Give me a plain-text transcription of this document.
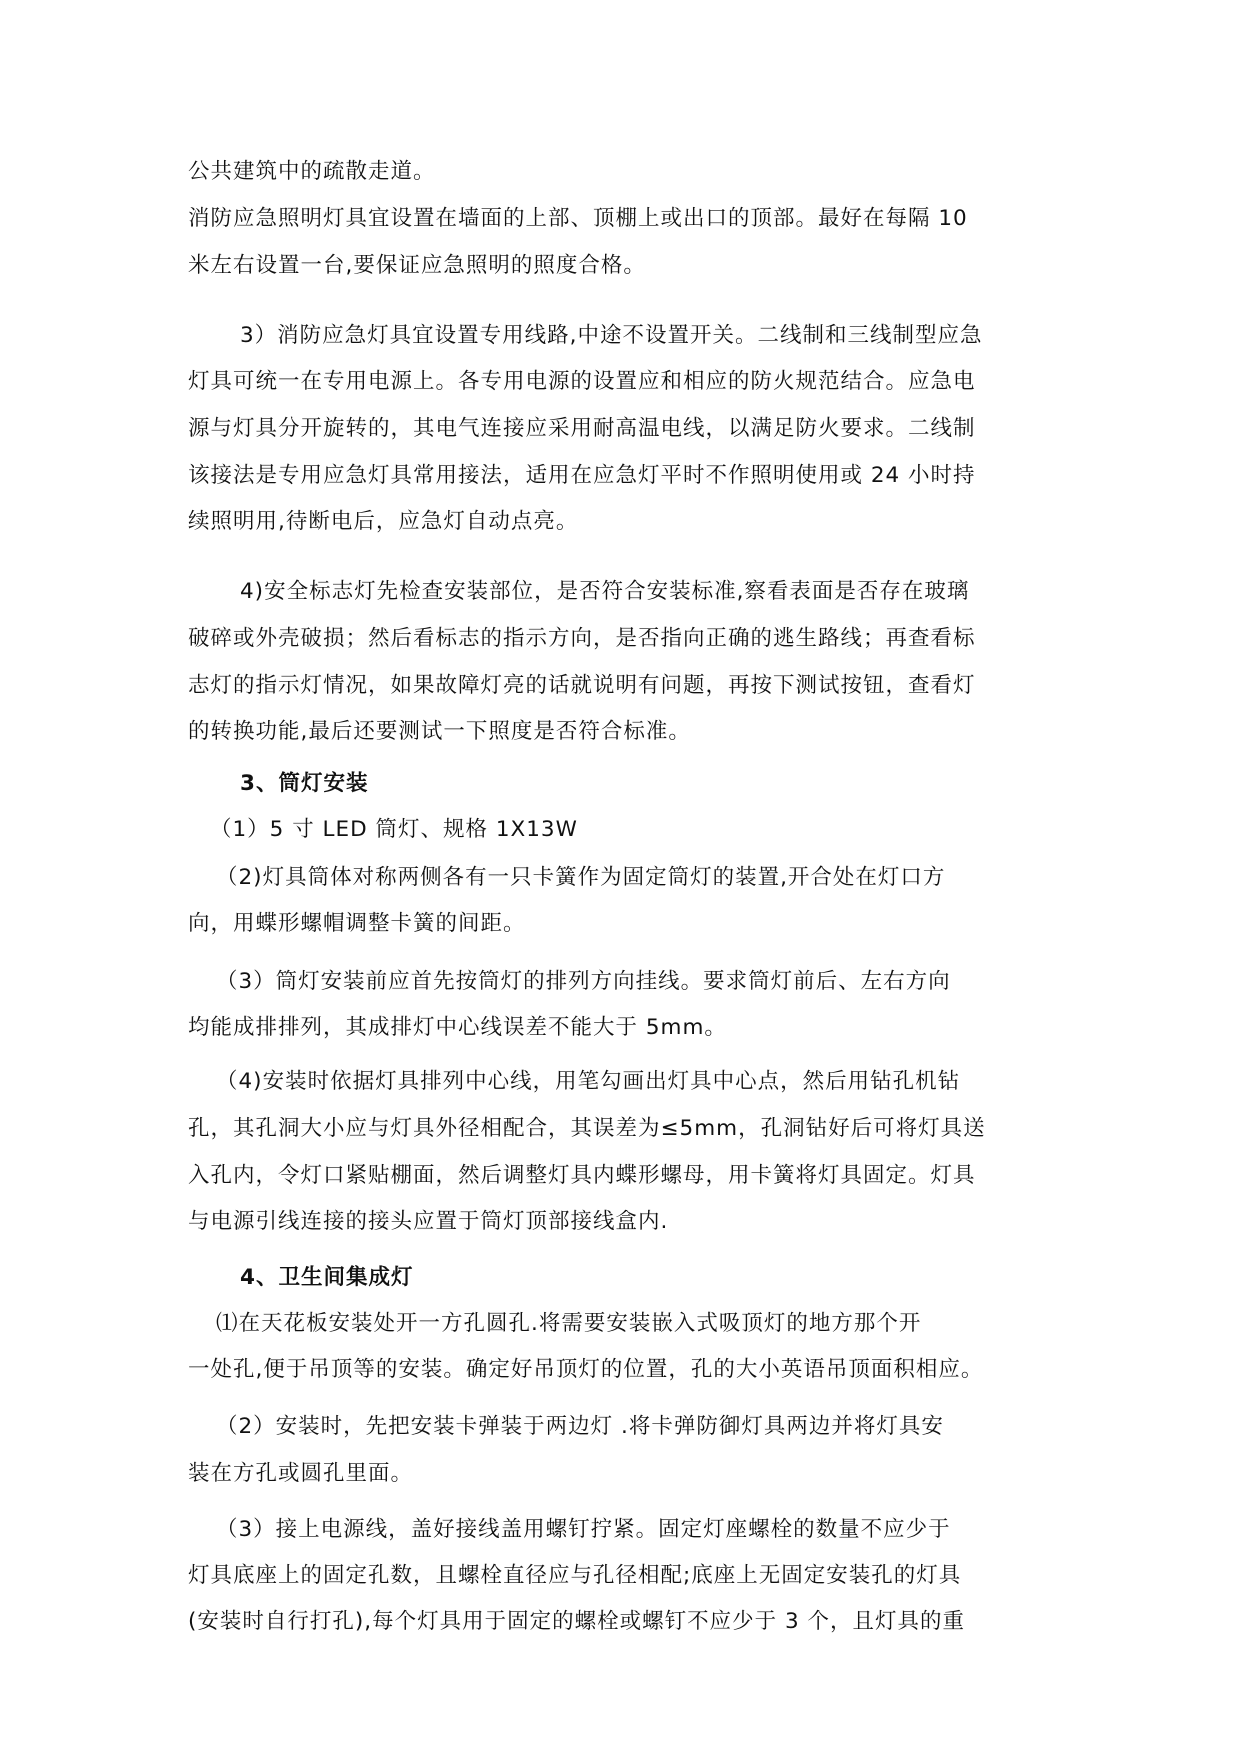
公共建筑中的疏散走道。
消防应急照明灯具宜设置在墙面的上部、顶棚上或出口的顶部。最好在每隔 10
米左右设置一台,要保证应急照明的照度合格。
3）消防应急灯具宜设置专用线路,中途不设置开关。二线制和三线制型应急
灯具可统一在专用电源上。各专用电源的设置应和相应的防火规范结合。应急电
源与灯具分开旋转的，其电气连接应采用耐高温电线，以满足防火要求。二线制
该接法是专用应急灯具常用接法，适用在应急灯平时不作照明使用或 24 小时持
续照明用,待断电后，应急灯自动点亮。
4)安全标志灯先检查安装部位，是否符合安装标准,察看表面是否存在玻璃
破碎或外壳破损；然后看标志的指示方向，是否指向正确的逃生路线；再查看标
志灯的指示灯情况，如果故障灯亮的话就说明有问题，再按下测试按钮，查看灯
的转换功能,最后还要测试一下照度是否符合标准。
3、筒灯安装
（1）5 寸 LED 筒灯、规格 1X13W
（2)灯具筒体对称两侧各有一只卡簧作为固定筒灯的装置,开合处在灯口方
向，用蝶形螺帽调整卡簧的间距。
（3）筒灯安装前应首先按筒灯的排列方向挂线。要求筒灯前后、左右方向
均能成排排列，其成排灯中心线误差不能大于 5mm。
（4)安装时依据灯具排列中心线，用笔勾画出灯具中心点，然后用钻孔机钻
孔，其孔洞大小应与灯具外径相配合，其误差为≤5mm，孔洞钻好后可将灯具送
入孔内，令灯口紧贴棚面，然后调整灯具内蝶形螺母，用卡簧将灯具固定。灯具
与电源引线连接的接头应置于筒灯顶部接线盒内.
4、卫生间集成灯
⑴在天花板安装处开一方孔圆孔.将需要安装嵌入式吸顶灯的地方那个开
一处孔,便于吊顶等的安装。确定好吊顶灯的位置，孔的大小英语吊顶面积相应。
（2）安装时，先把安装卡弹装于两边灯 .将卡弹防御灯具两边并将灯具安
装在方孔或圆孔里面。
（3）接上电源线，盖好接线盖用螺钉拧紧。固定灯座螺栓的数量不应少于
灯具底座上的固定孔数，且螺栓直径应与孔径相配;底座上无固定安装孔的灯具
(安装时自行打孔),每个灯具用于固定的螺栓或螺钉不应少于 3 个，且灯具的重
